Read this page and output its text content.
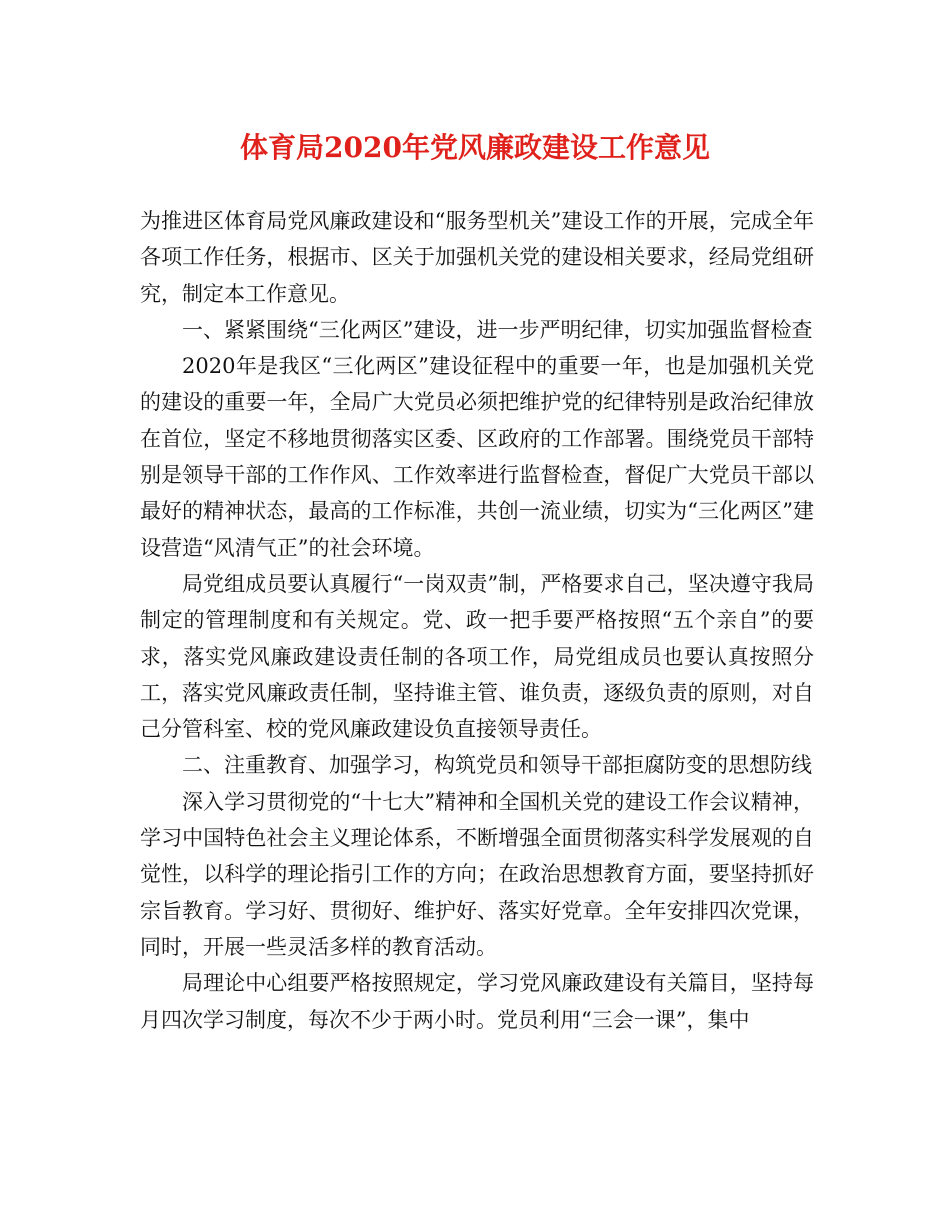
体育局2020年党风廉政建设工作意见

为推进区体育局党风廉政建设和“服务型机关”建设工作的开展，完成全年各项工作任务，根据市、区关于加强机关党的建设相关要求，经局党组研究，制定本工作意见。

一、紧紧围绕“三化两区”建设，进一步严明纪律，切实加强监督检查

2020年是我区“三化两区”建设征程中的重要一年，也是加强机关党的建设的重要一年，全局广大党员必须把维护党的纪律特别是政治纪律放在首位，坚定不移地贯彻落实区委、区政府的工作部署。围绕党员干部特别是领导干部的工作作风、工作效率进行监督检查，督促广大党员干部以最好的精神状态，最高的工作标准，共创一流业绩，切实为“三化两区”建设营造“风清气正”的社会环境。

局党组成员要认真履行“一岗双责”制，严格要求自己，坚决遵守我局制定的管理制度和有关规定。党、政一把手要严格按照“五个亲自”的要求，落实党风廉政建设责任制的各项工作，局党组成员也要认真按照分工，落实党风廉政责任制，坚持谁主管、谁负责，逐级负责的原则，对自己分管科室、校的党风廉政建设负直接领导责任。

二、注重教育、加强学习，构筑党员和领导干部拒腐防变的思想防线

深入学习贯彻党的“十七大”精神和全国机关党的建设工作会议精神，学习中国特色社会主义理论体系，不断增强全面贯彻落实科学发展观的自觉性，以科学的理论指引工作的方向；在政治思想教育方面，要坚持抓好宗旨教育。学习好、贯彻好、维护好、落实好党章。全年安排四次党课，同时，开展一些灵活多样的教育活动。

局理论中心组要严格按照规定，学习党风廉政建设有关篇目，坚持每月四次学习制度，每次不少于两小时。党员利用“三会一课”，集中
